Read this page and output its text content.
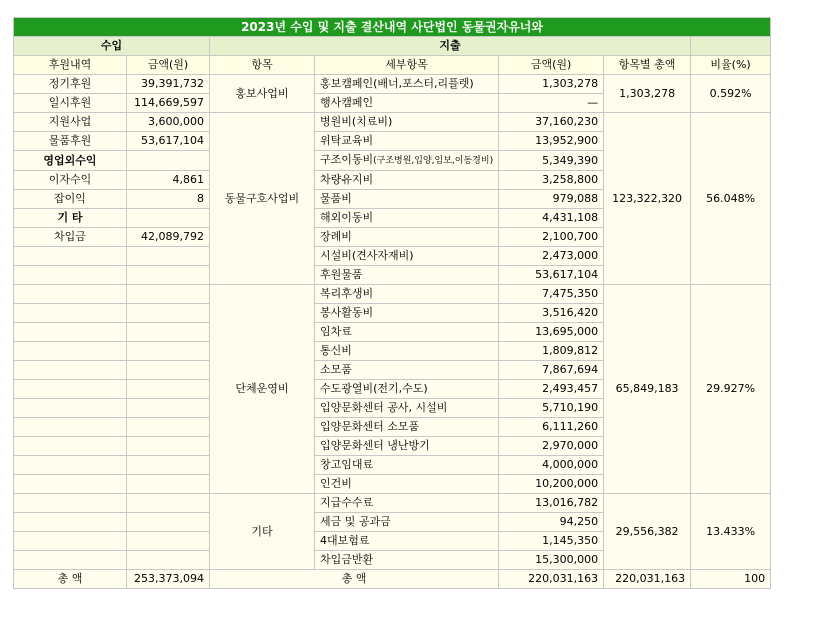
2023년 수입 및 지출 결산내역 사단법인 동물권자유너와						
수입		지출				
후원내역	금액(원)	항목	세부항목	금액(원)	항목별 총액	비율(%)
정기후원	39,391,732	홍보사업비	홍보캠페인(배너,포스터,리플렛)	1,303,278	1,303,278	0.592%
일시후원	114,669,597		행사캠페인	—		
지원사업	3,600,000	동물구호사업비	병원비(치료비)	37,160,230	123,322,320	56.048%
물품후원	53,617,104		위탁교육비	13,952,900		
영업외수익			구조이동비(구조병원,입양,임보,이동경비)	5,349,390		
이자수익	4,861		차량유지비	3,258,800		
잡이익	8		물품비	979,088		
기 타			해외이동비	4,431,108		
차입금	42,089,792		장례비	2,100,700		
			시설비(견사자재비)	2,473,000		
			후원물품	53,617,104		
		단체운영비	복리후생비	7,475,350	65,849,183	29.927%
			봉사활동비	3,516,420		
			임차료	13,695,000		
			통신비	1,809,812		
			소모품	7,867,694		
			수도광열비(전기,수도)	2,493,457		
			입양문화센터 공사, 시설비	5,710,190		
			입양문화센터 소모품	6,111,260		
			입양문화센터 냉난방기	2,970,000		
			창고임대료	4,000,000		
			인건비	10,200,000		
		기타	지급수수료	13,016,782	29,556,382	13.433%
			세금 및 공과금	94,250		
			4대보험료	1,145,350		
			차입금반환	15,300,000		
총 액	253,373,094	총 액		220,031,163	220,031,163	100
